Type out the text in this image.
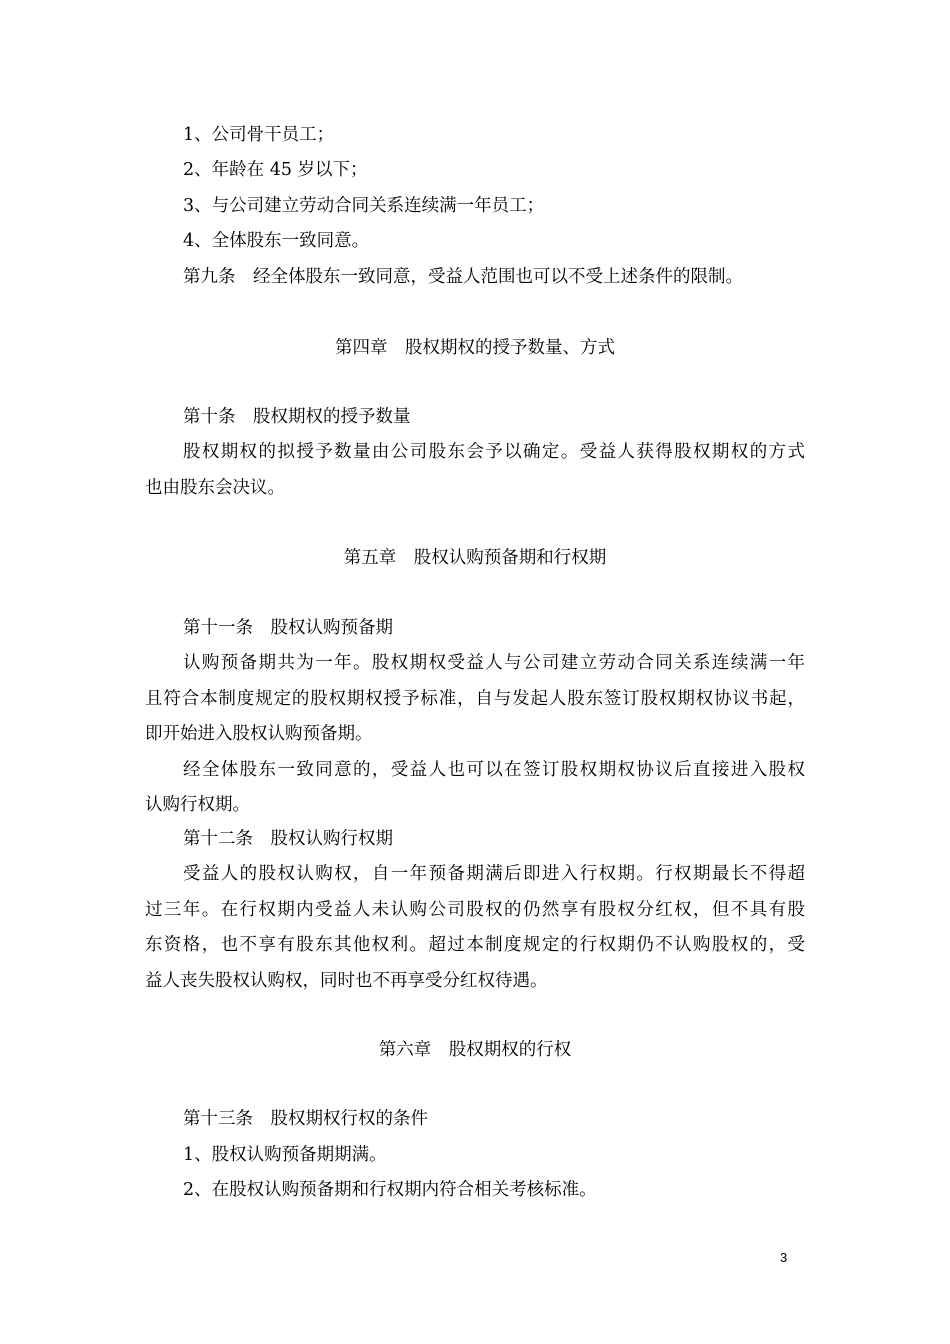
1、公司骨干员工；
2、年龄在 45 岁以下；
3、与公司建立劳动合同关系连续满一年员工；
4、全体股东一致同意。
第九条　经全体股东一致同意，受益人范围也可以不受上述条件的限制。
第四章　股权期权的授予数量、方式
第十条　股权期权的授予数量
股权期权的拟授予数量由公司股东会予以确定。受益人获得股权期权的方式
也由股东会决议。
第五章　股权认购预备期和行权期
第十一条　股权认购预备期
认购预备期共为一年。股权期权受益人与公司建立劳动合同关系连续满一年
且符合本制度规定的股权期权授予标准，自与发起人股东签订股权期权协议书起，
即开始进入股权认购预备期。
经全体股东一致同意的，受益人也可以在签订股权期权协议后直接进入股权
认购行权期。
第十二条　股权认购行权期
受益人的股权认购权，自一年预备期满后即进入行权期。行权期最长不得超
过三年。在行权期内受益人未认购公司股权的仍然享有股权分红权，但不具有股
东资格，也不享有股东其他权利。超过本制度规定的行权期仍不认购股权的，受
益人丧失股权认购权，同时也不再享受分红权待遇。
第六章　股权期权的行权
第十三条　股权期权行权的条件
1、股权认购预备期期满。
2、在股权认购预备期和行权期内符合相关考核标准。
3
